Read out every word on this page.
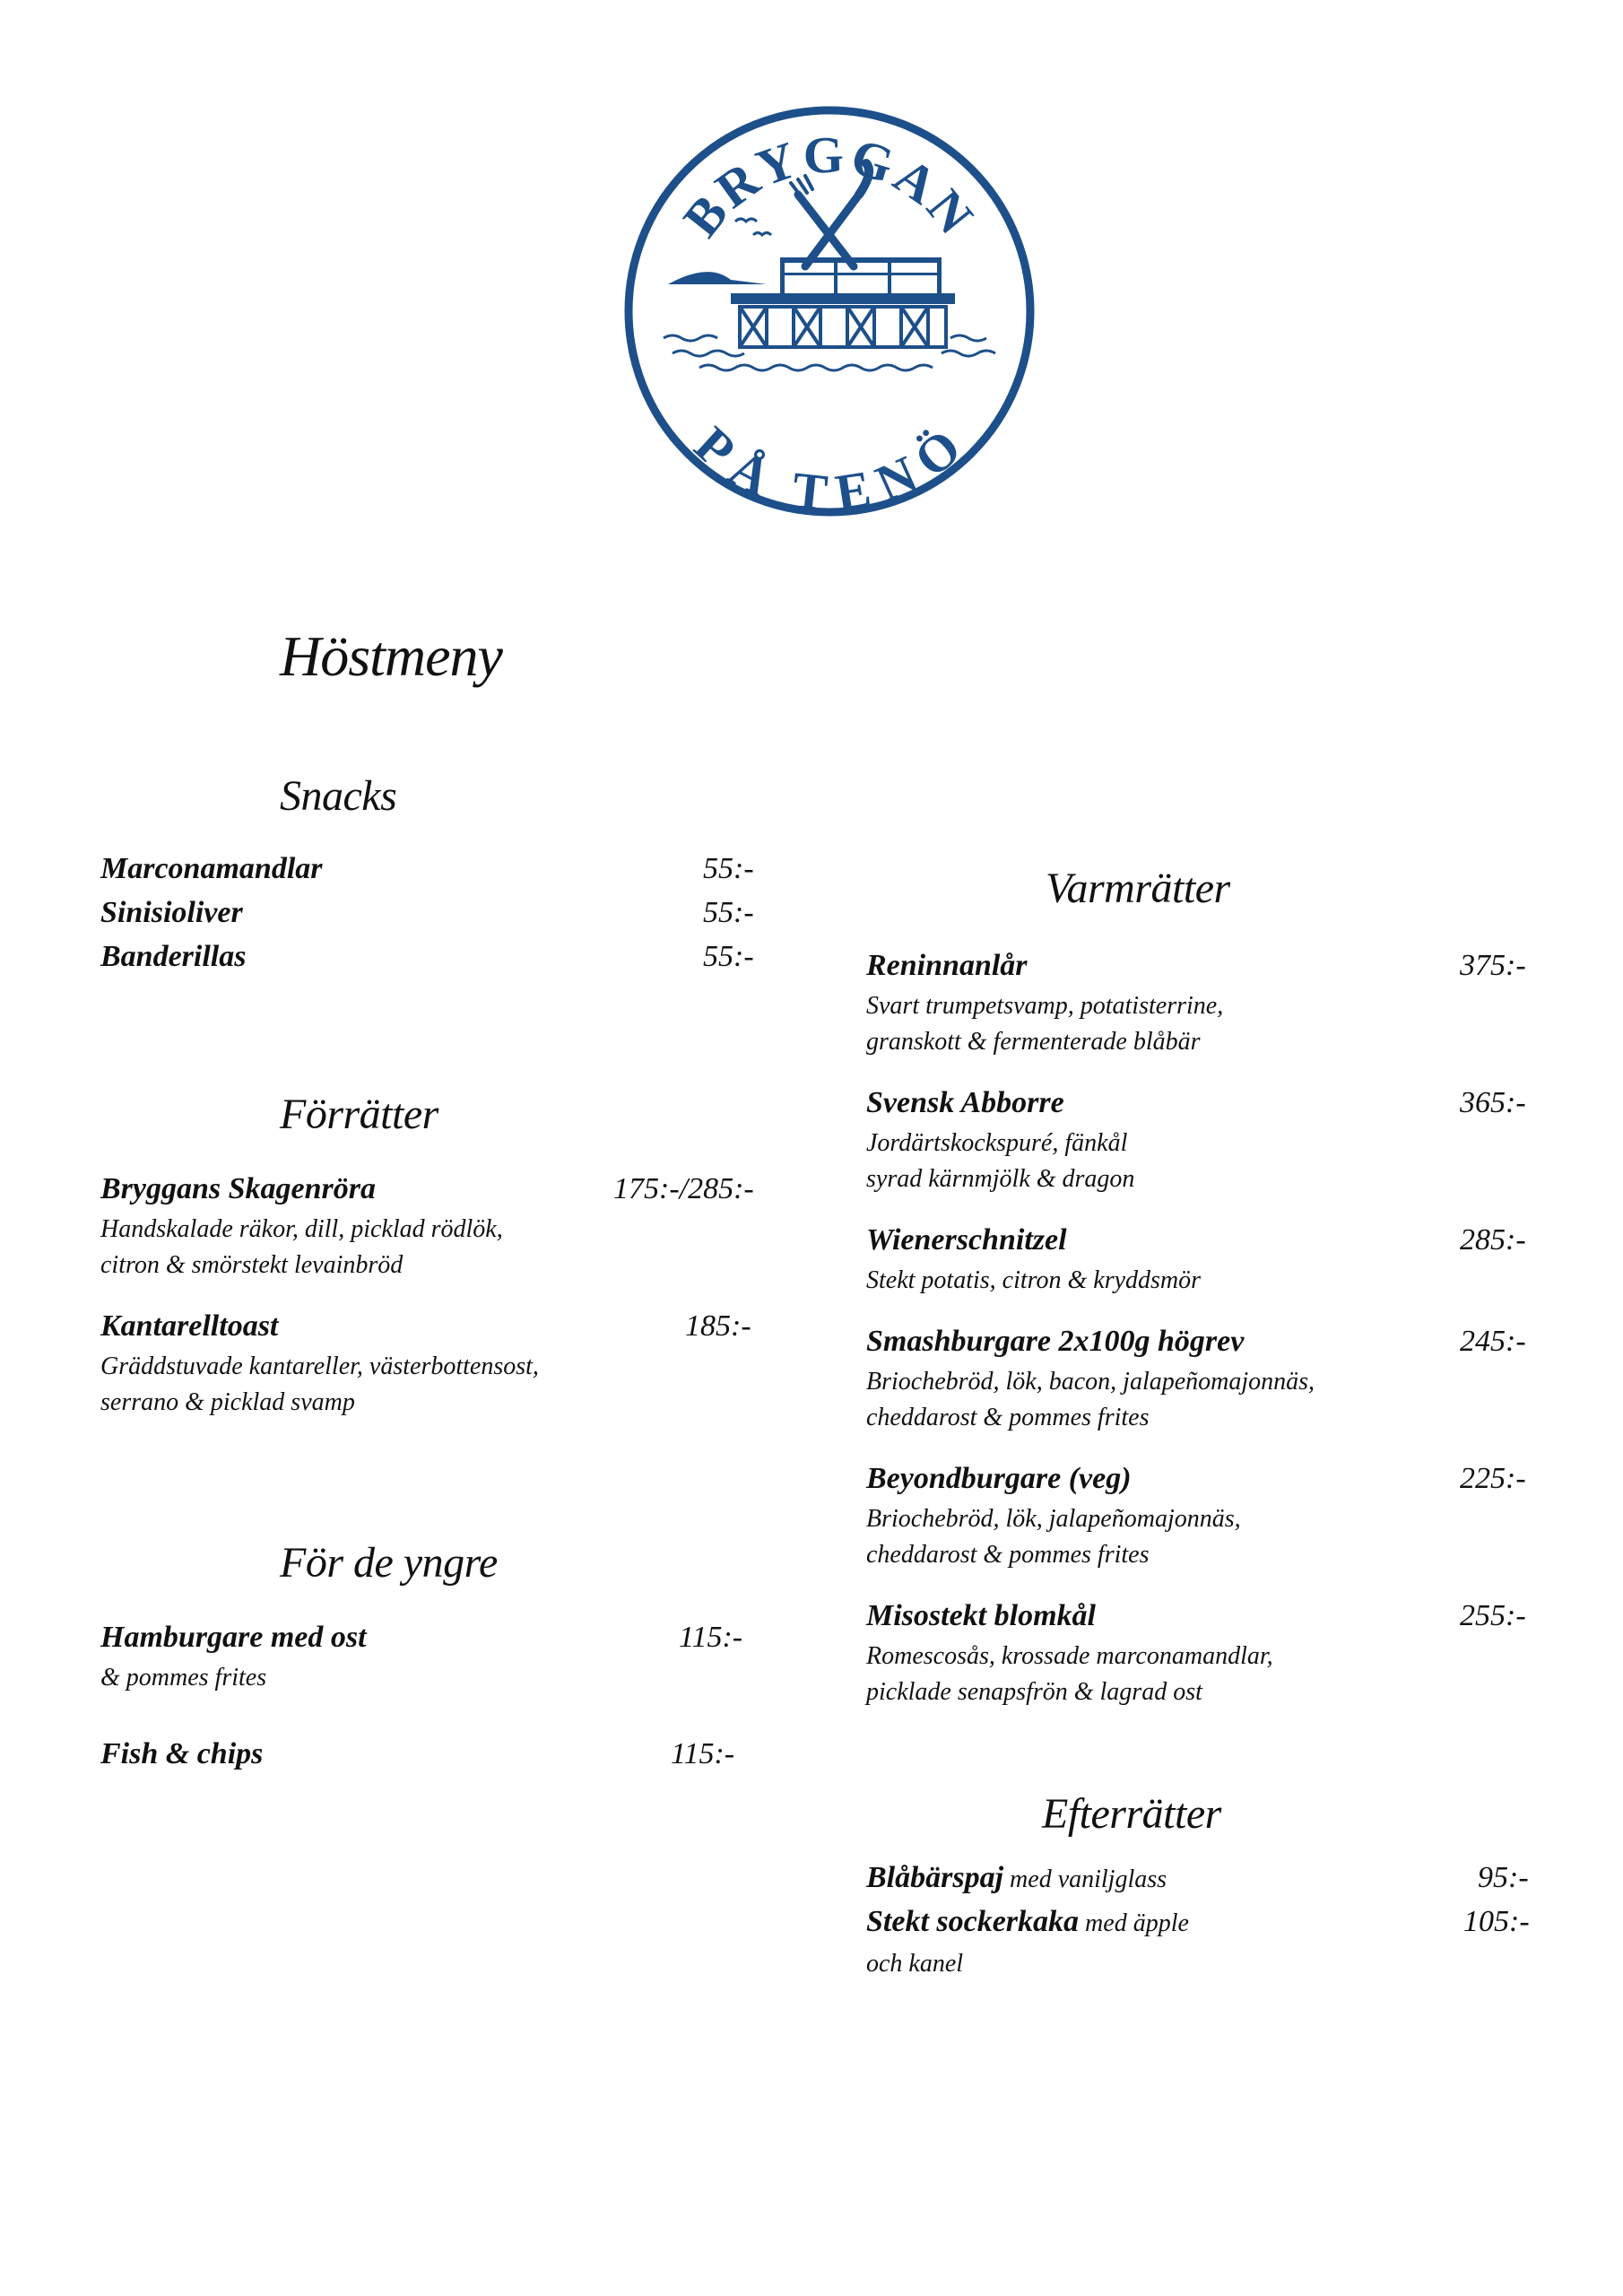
BRYGGAN
PÅ TENÖ
Höstmeny
Snacks
Marconamandlar	55:-
Sinisioliver	55:-
Banderillas	55:-
Förrätter
Bryggans Skagenröra	175:-/285:-
Handskalade räkor, dill, picklad rödlök,
citron & smörstekt levainbröd
Kantarelltoast	185:-
Gräddstuvade kantareller, västerbottensost,
serrano & picklad svamp
För de yngre
Hamburgare med ost	115:-
& pommes frites
Fish & chips	115:-
Varmrätter
Reninnanlår	375:-
Svart trumpetsvamp, potatisterrine,
granskott & fermenterade blåbär
Svensk Abborre	365:-
Jordärtskockspuré, fänkål
syrad kärnmjölk & dragon
Wienerschnitzel	285:-
Stekt potatis, citron & kryddsmör
Smashburgare 2x100g högrev	245:-
Briochebröd, lök, bacon, jalapeñomajonnäs,
cheddarost & pommes frites
Beyondburgare (veg)	225:-
Briochebröd, lök, jalapeñomajonnäs,
cheddarost & pommes frites
Misostekt blomkål	255:-
Romescosås, krossade marconamandlar,
picklade senapsfrön & lagrad ost
Efterrätter
Blåbärspaj med vaniljglass	95:-
Stekt sockerkaka med äpple	105:-
och kanel
